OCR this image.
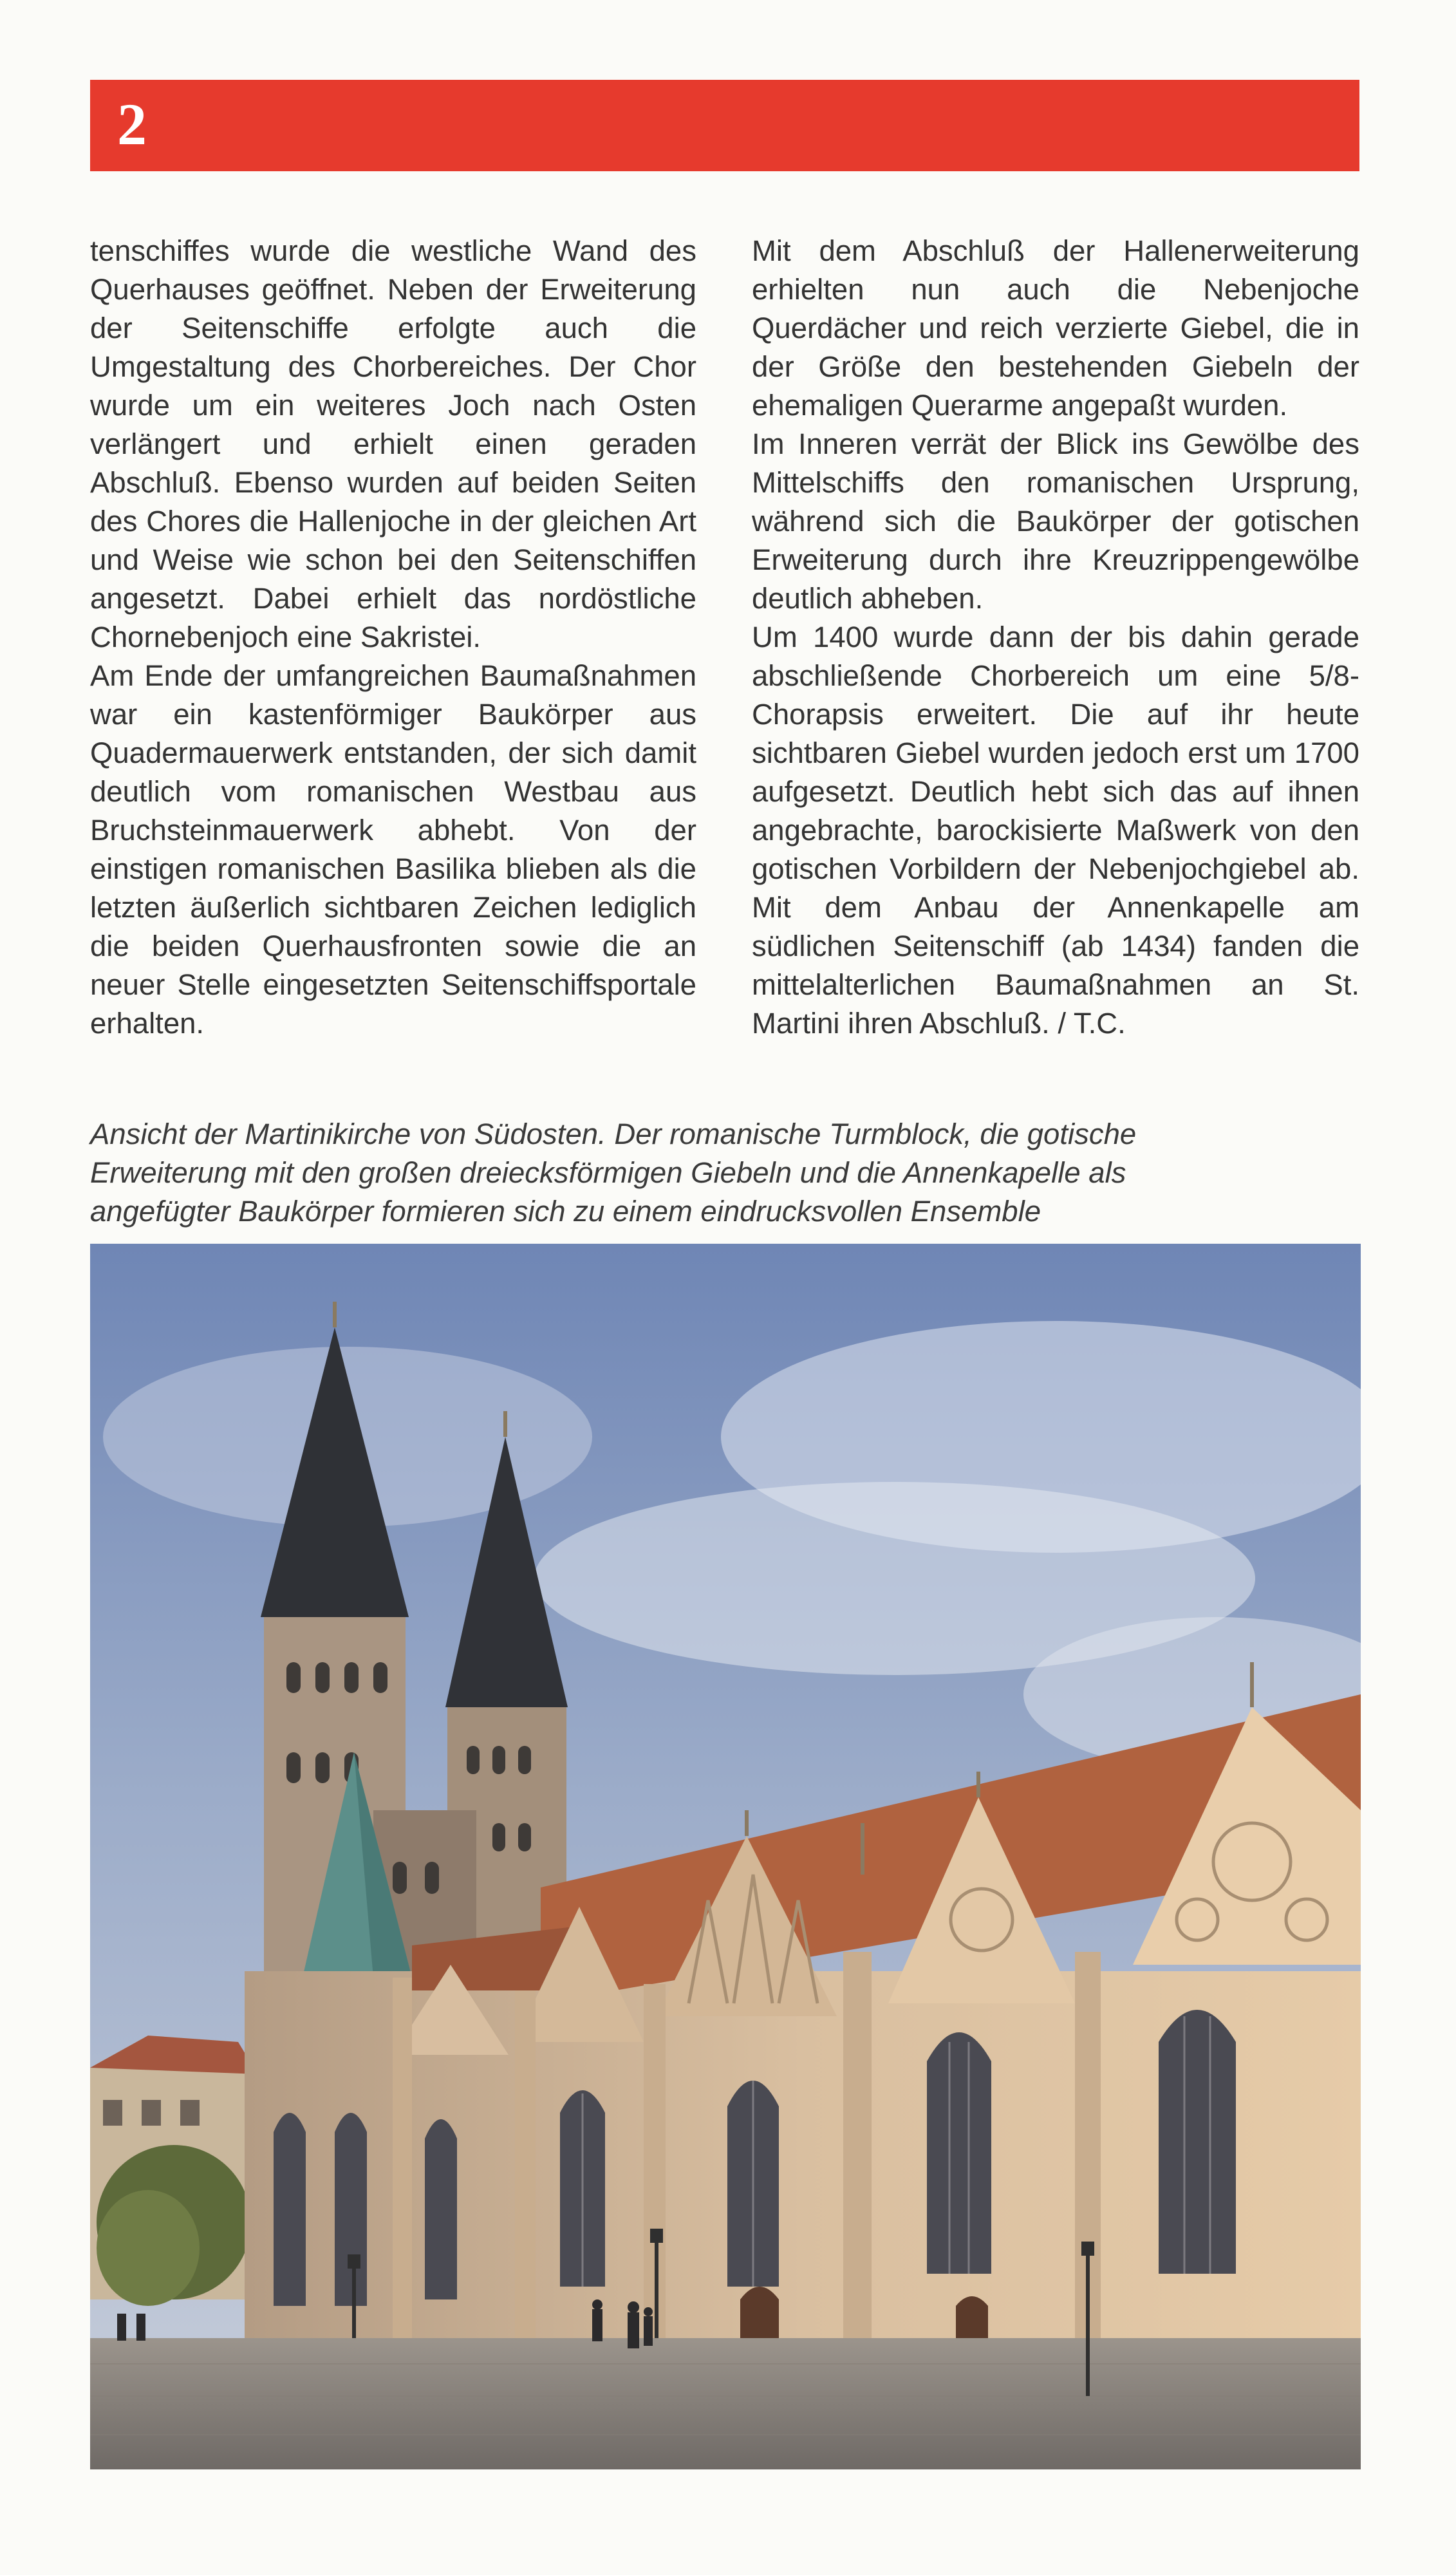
2

tenschiffes wurde die westliche Wand des Querhauses geöffnet. Neben der Erweiterung der Seitenschiffe erfolgte auch die Umgestaltung des Chorbereiches. Der Chor wurde um ein weiteres Joch nach Osten verlängert und erhielt einen geraden Abschluß. Ebenso wurden auf beiden Seiten des Chores die Hallenjoche in der gleichen Art und Weise wie schon bei den Seitenschiffen angesetzt. Dabei erhielt das nordöstliche Chornebenjoch eine Sakristei.

Am Ende der umfangreichen Baumaßnahmen war ein kastenförmiger Baukörper aus Quadermauerwerk entstanden, der sich damit deutlich vom romanischen Westbau aus Bruchsteinmauerwerk abhebt. Von der einstigen romanischen Basilika blieben als die letzten äußerlich sichtbaren Zeichen lediglich die beiden Querhausfronten sowie die an neuer Stelle eingesetzten Seitenschiffsportale erhalten.

Mit dem Abschluß der Hallenerweiterung erhielten nun auch die Nebenjoche Querdächer und reich verzierte Giebel, die in der Größe den bestehenden Giebeln der ehemaligen Querarme angepaßt wurden.

Im Inneren verrät der Blick ins Gewölbe des Mittelschiffs den romanischen Ursprung, während sich die Baukörper der gotischen Erweiterung durch ihre Kreuzrippengewölbe deutlich abheben.

Um 1400 wurde dann der bis dahin gerade abschließende Chorbereich um eine 5/8-Chorapsis erweitert. Die auf ihr heute sichtbaren Giebel wurden jedoch erst um 1700 aufgesetzt. Deutlich hebt sich das auf ihnen angebrachte, barockisierte Maßwerk von den gotischen Vorbildern der Nebenjochgiebel ab. Mit dem Anbau der Annenkapelle am südlichen Seitenschiff (ab 1434) fanden die mittelalterlichen Baumaßnahmen an St. Martini ihren Abschluß. / T.C.

Ansicht der Martinikirche von Südosten. Der romanische Turmblock, die gotische
Erweiterung mit den großen dreiecksförmigen Giebeln und die Annenkapelle als
angefügter Baukörper formieren sich zu einem eindrucksvollen Ensemble
